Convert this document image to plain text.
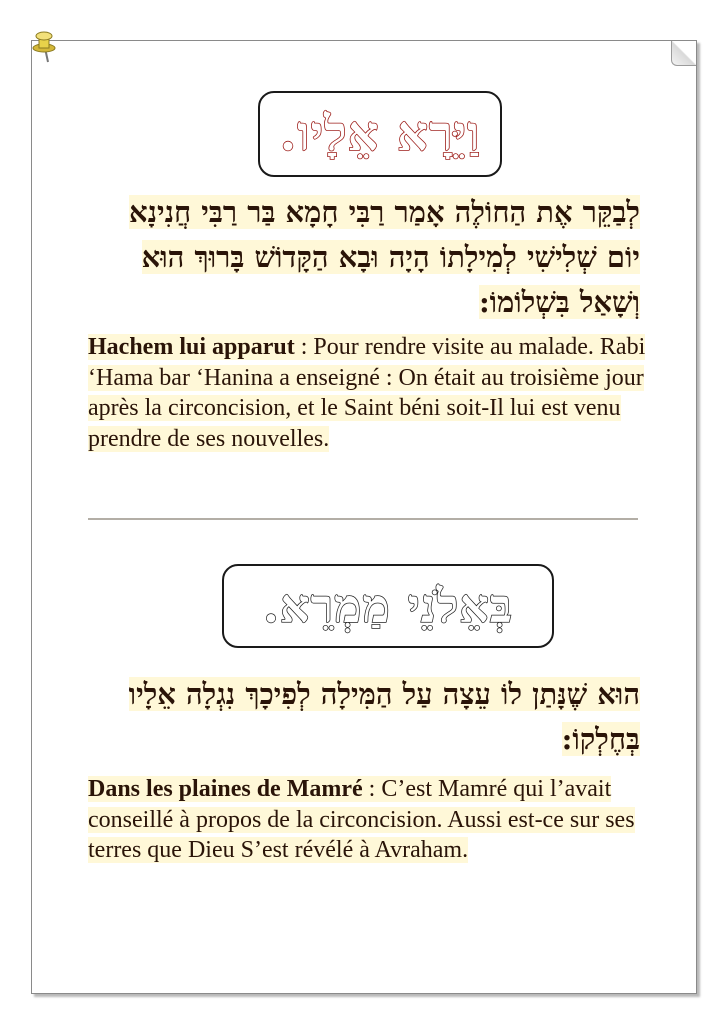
וַיֵּרָא אֵלָיו.
לְבַקֵּר אֶת הַחוֹלֶה אָמַר רַבִּי חָמָא בַּר רַבִּי חֲנִינָא יוֹם שְׁלִישִׁי לְמִילָתוֹ הָיָה וּבָא הַקָּדוֹשׁ בָּרוּךְ הוּא וְשָׁאַל בִּשְׁלוֹמוֹ:
Hachem lui apparut : Pour rendre visite au malade. Rabi ‘Hama bar ‘Hanina a enseigné : On était au troisième jour après la circoncision, et le Saint béni soit-Il lui est venu prendre de ses nouvelles.
בְּאֵלֹנֵי מַמְרֵא.
הוּא שֶׁנָּתַן לוֹ עֵצָה עַל הַמִּילָה לְפִיכָךְ נִגְלָה אֵלָיו בְּחֶלְקוֹ:
Dans les plaines de Mamré : C’est Mamré qui l’avait conseillé à propos de la circoncision. Aussi est-ce sur ses terres que Dieu S’est révélé à Avraham.
